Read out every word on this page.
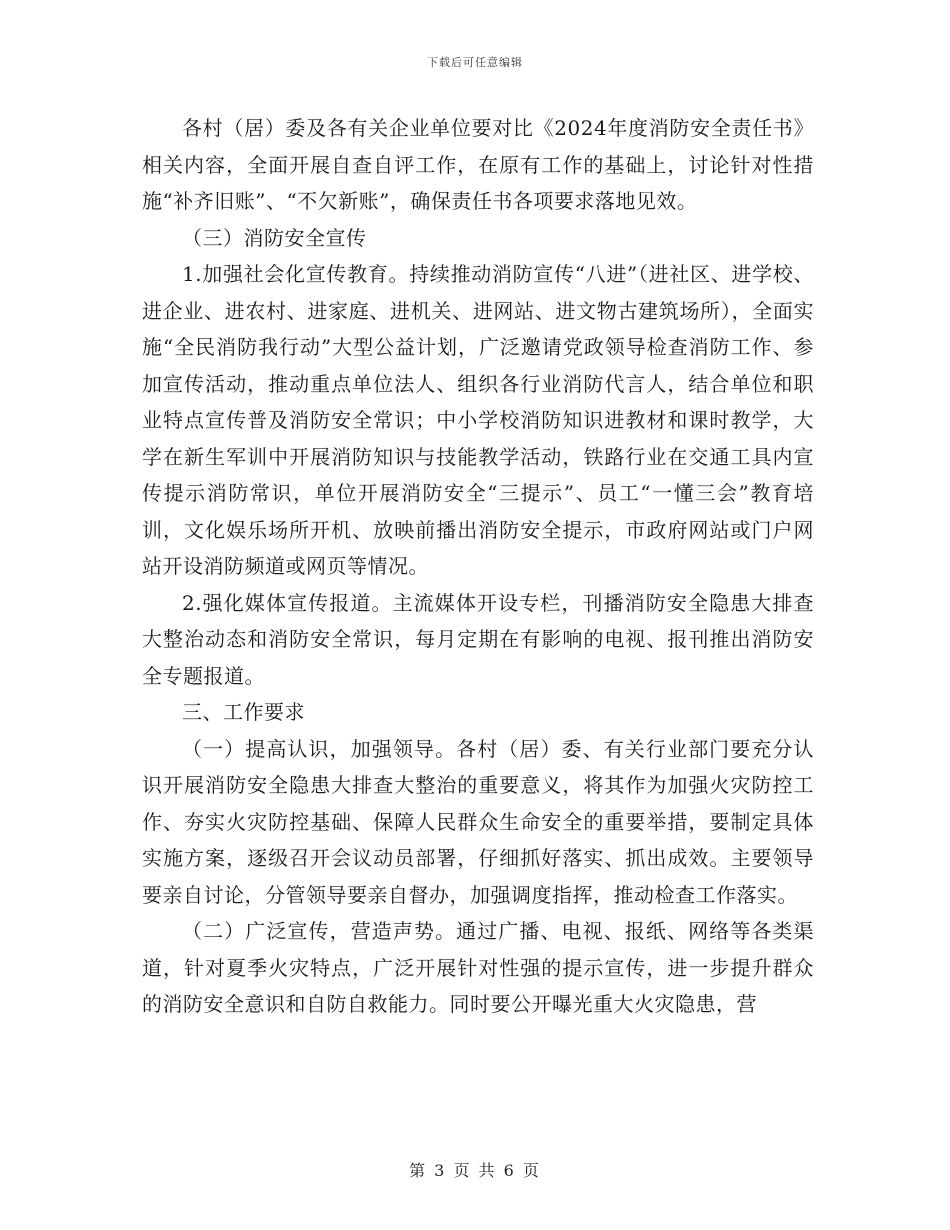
下载后可任意编辑

各村（居）委及各有关企业单位要对比《2024年度消防安全责任书》相关内容，全面开展自查自评工作，在原有工作的基础上，讨论针对性措施“补齐旧账”、“不欠新账”，确保责任书各项要求落地见效。

（三）消防安全宣传

1.加强社会化宣传教育。持续推动消防宣传“八进”（进社区、进学校、进企业、进农村、进家庭、进机关、进网站、进文物古建筑场所），全面实施“全民消防我行动”大型公益计划，广泛邀请党政领导检查消防工作、参加宣传活动，推动重点单位法人、组织各行业消防代言人，结合单位和职业特点宣传普及消防安全常识；中小学校消防知识进教材和课时教学，大学在新生军训中开展消防知识与技能教学活动，铁路行业在交通工具内宣传提示消防常识，单位开展消防安全“三提示”、员工“一懂三会”教育培训，文化娱乐场所开机、放映前播出消防安全提示，市政府网站或门户网站开设消防频道或网页等情况。

2.强化媒体宣传报道。主流媒体开设专栏，刊播消防安全隐患大排查大整治动态和消防安全常识，每月定期在有影响的电视、报刊推出消防安全专题报道。

三、工作要求

（一）提高认识，加强领导。各村（居）委、有关行业部门要充分认识开展消防安全隐患大排查大整治的重要意义，将其作为加强火灾防控工作、夯实火灾防控基础、保障人民群众生命安全的重要举措，要制定具体实施方案，逐级召开会议动员部署，仔细抓好落实、抓出成效。主要领导要亲自讨论，分管领导要亲自督办，加强调度指挥，推动检查工作落实。

（二）广泛宣传，营造声势。通过广播、电视、报纸、网络等各类渠道，针对夏季火灾特点，广泛开展针对性强的提示宣传，进一步提升群众的消防安全意识和自防自救能力。同时要公开曝光重大火灾隐患，营

第 3 页 共 6 页
